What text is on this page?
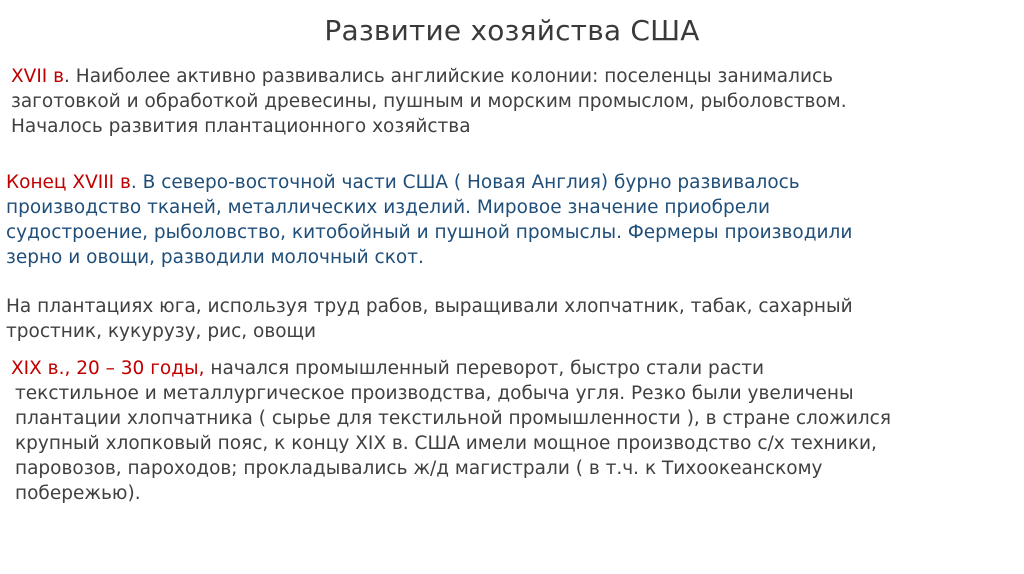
Развитие хозяйства США
XVII в. Наиболее активно развивались английские колонии: поселенцы занимались
заготовкой и обработкой древесины, пушным и морским промыслом, рыболовством.
Началось развития плантационного хозяйства
Конец XVIII в. В северо-восточной части США ( Новая Англия) бурно развивалось
производство тканей, металлических изделий. Мировое значение приобрели
судостроение, рыболовство, китобойный и пушной промыслы. Фермеры производили
зерно и овощи, разводили молочный скот.
На плантациях юга, используя труд рабов, выращивали хлопчатник, табак, сахарный
тростник, кукурузу, рис, овощи
XIX в., 20 – 30 годы, начался промышленный переворот, быстро стали расти
текстильное и металлургическое производства, добыча угля. Резко были увеличены
плантации хлопчатника ( сырье для текстильной промышленности ), в стране сложился
крупный хлопковый пояс, к концу XIX в. США имели мощное производство с/х техники,
паровозов, пароходов; прокладывались ж/д магистрали ( в т.ч. к Тихоокеанскому
побережью).
